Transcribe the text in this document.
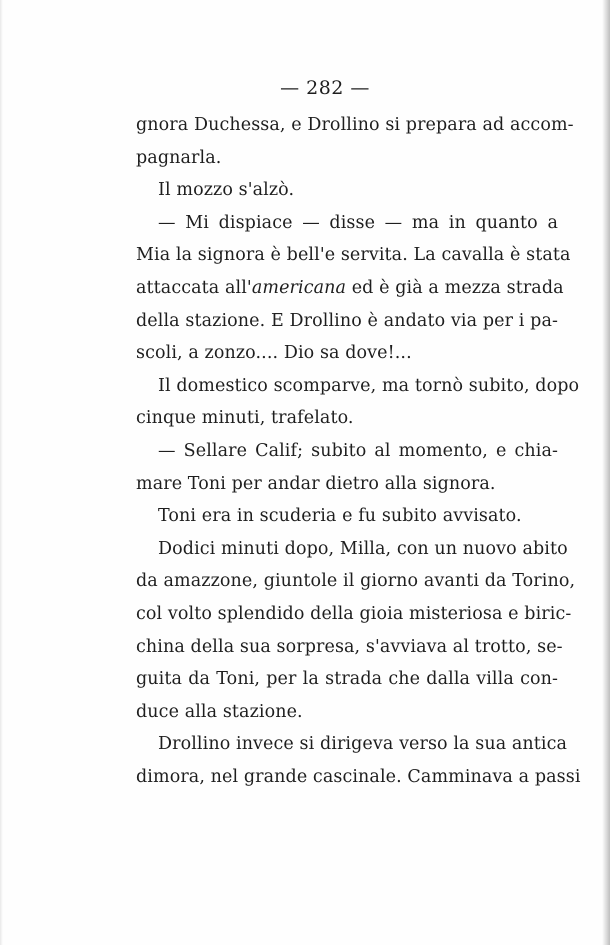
— 282 —
gnora Duchessa, e Drollino si prepara ad accom-
pagnarla.
Il mozzo s'alzò.
— Mi dispiace — disse — ma in quanto a
Mia la signora è bell'e servita. La cavalla è stata
attaccata all'americana ed è già a mezza strada
della stazione. E Drollino è andato via per i pa-
scoli, a zonzo.... Dio sa dove!...
Il domestico scomparve, ma tornò subito, dopo
cinque minuti, trafelato.
— Sellare Calif; subito al momento, e chia-
mare Toni per andar dietro alla signora.
Toni era in scuderia e fu subito avvisato.
Dodici minuti dopo, Milla, con un nuovo abito
da amazzone, giuntole il giorno avanti da Torino,
col volto splendido della gioia misteriosa e biric-
china della sua sorpresa, s'avviava al trotto, se-
guita da Toni, per la strada che dalla villa con-
duce alla stazione.
Drollino invece si dirigeva verso la sua antica
dimora, nel grande cascinale. Camminava a passi
